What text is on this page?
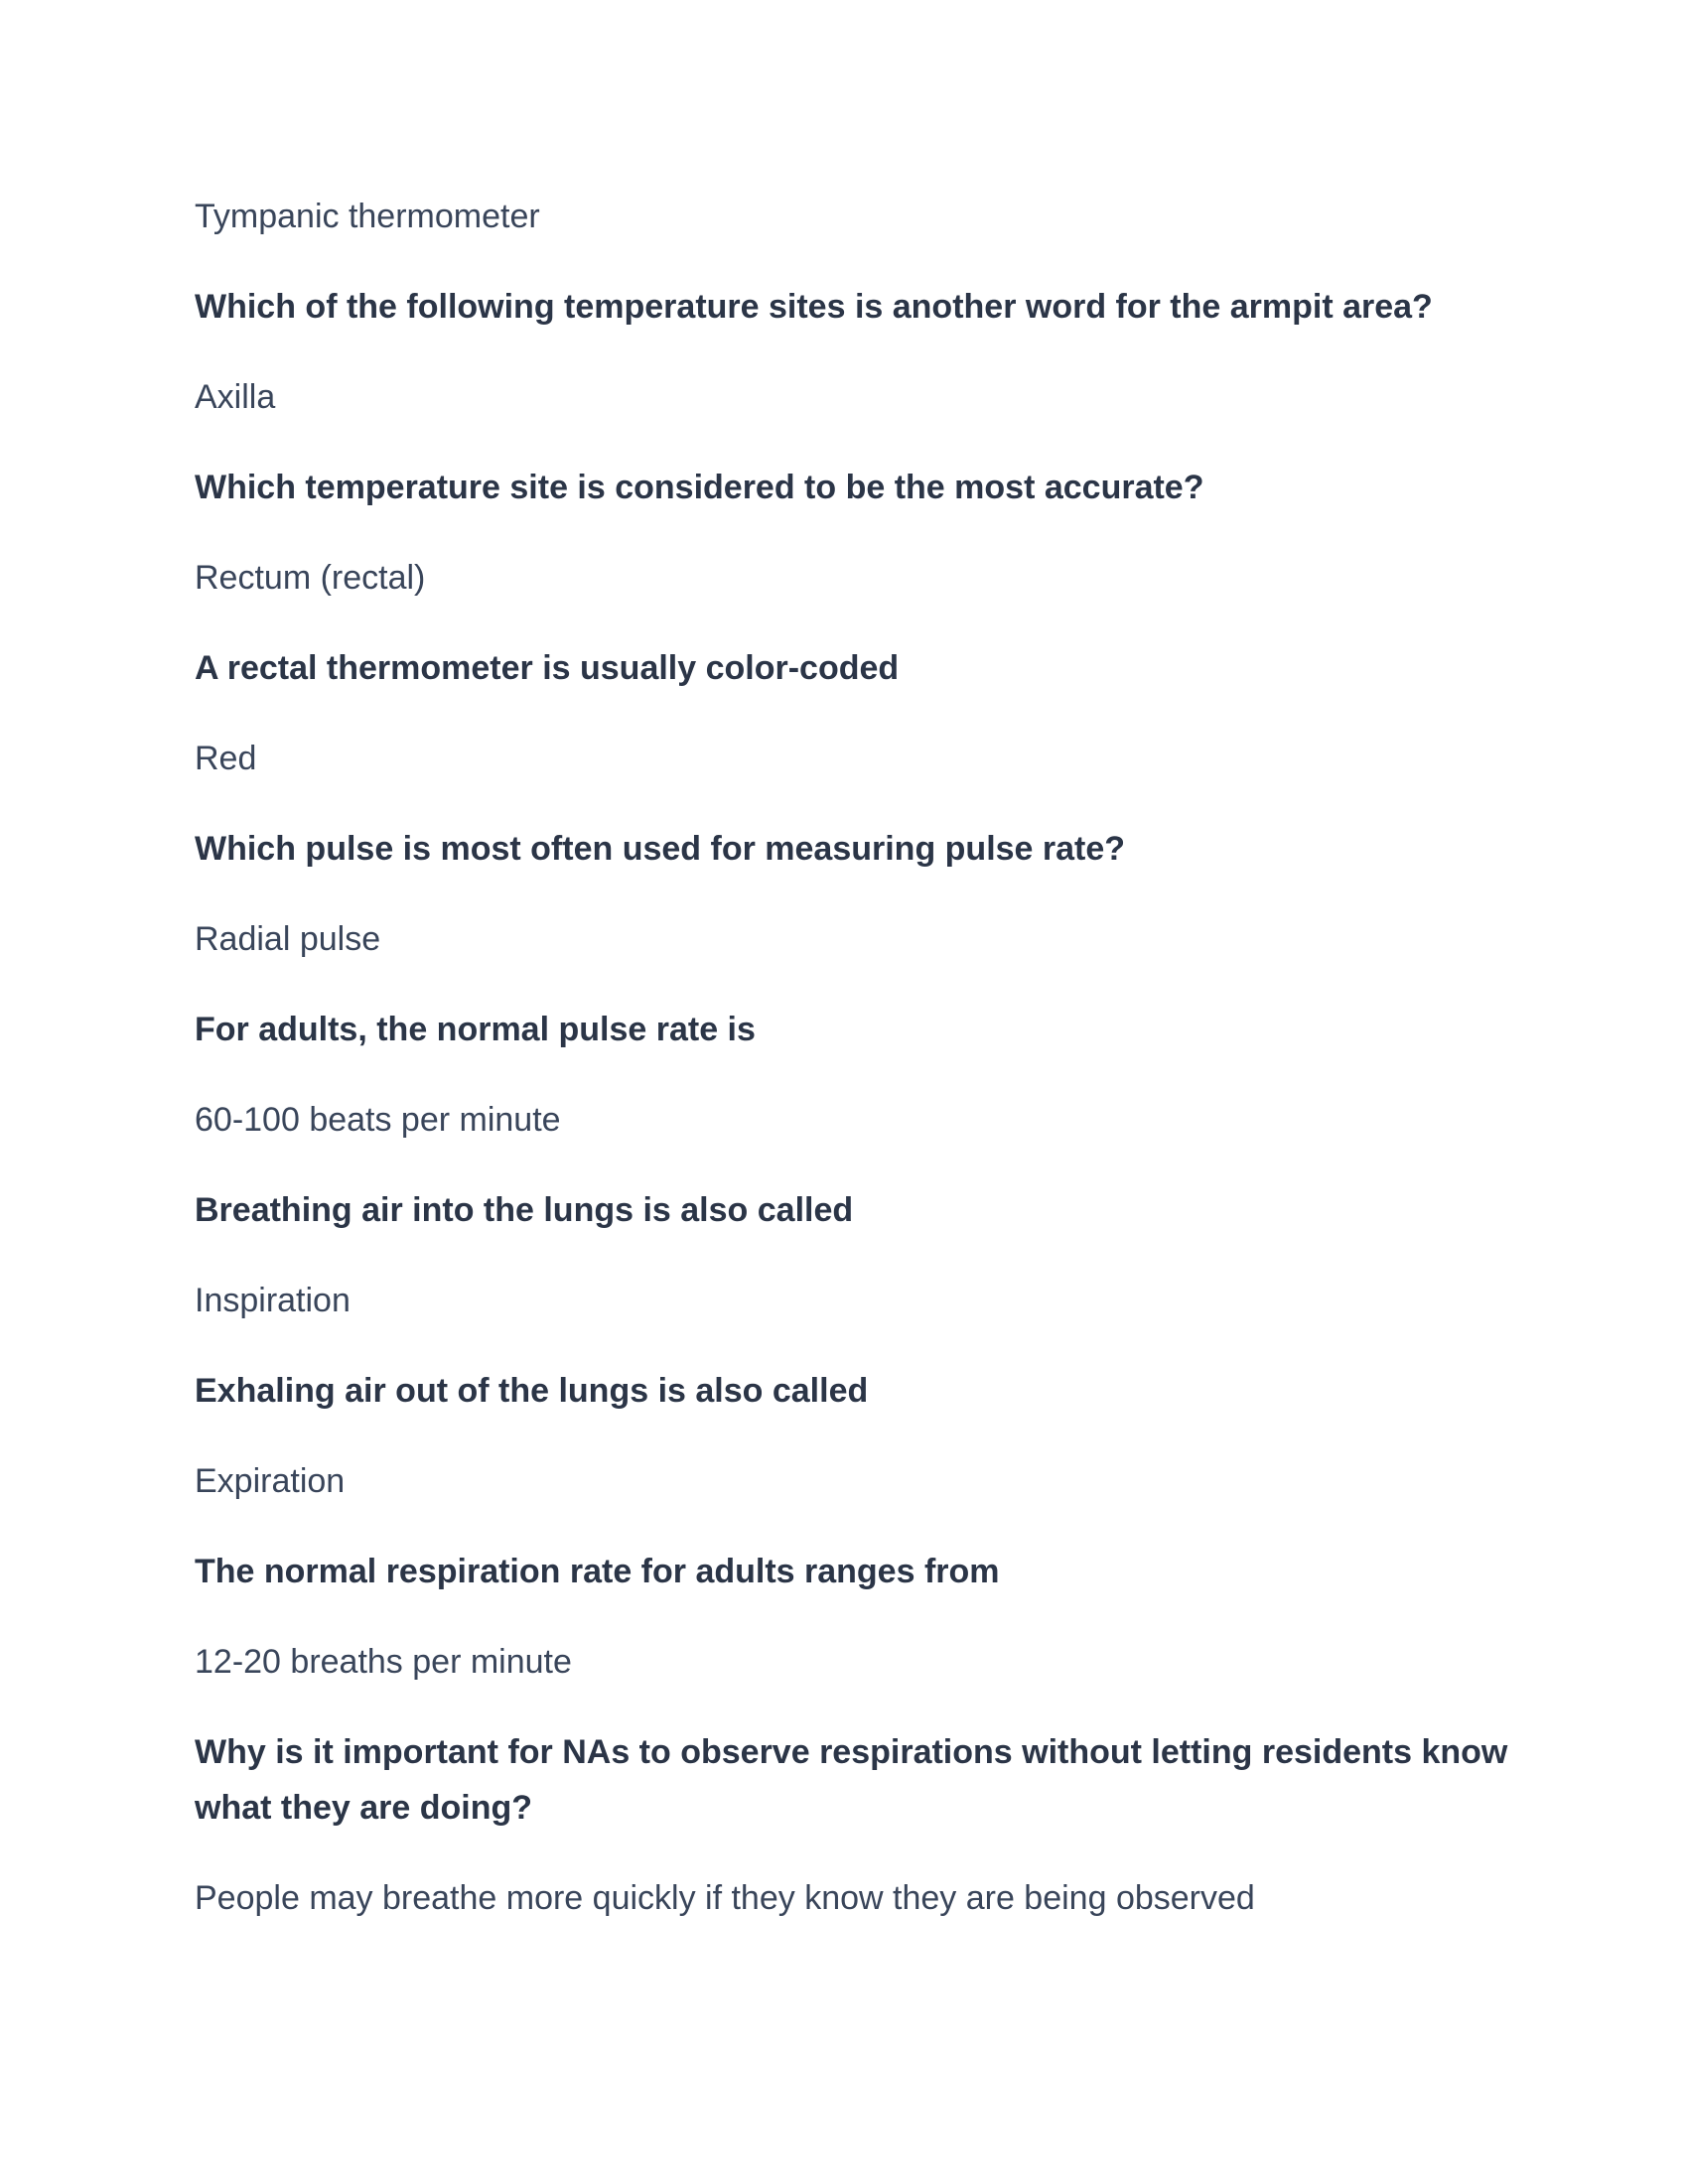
Tympanic thermometer

Which of the following temperature sites is another word for the armpit area?

Axilla

Which temperature site is considered to be the most accurate?

Rectum (rectal)

A rectal thermometer is usually color-coded

Red

Which pulse is most often used for measuring pulse rate?

Radial pulse

For adults, the normal pulse rate is

60-100 beats per minute

Breathing air into the lungs is also called

Inspiration

Exhaling air out of the lungs is also called

Expiration

The normal respiration rate for adults ranges from

12-20 breaths per minute

Why is it important for NAs to observe respirations without letting residents know what they are doing?

People may breathe more quickly if they know they are being observed
